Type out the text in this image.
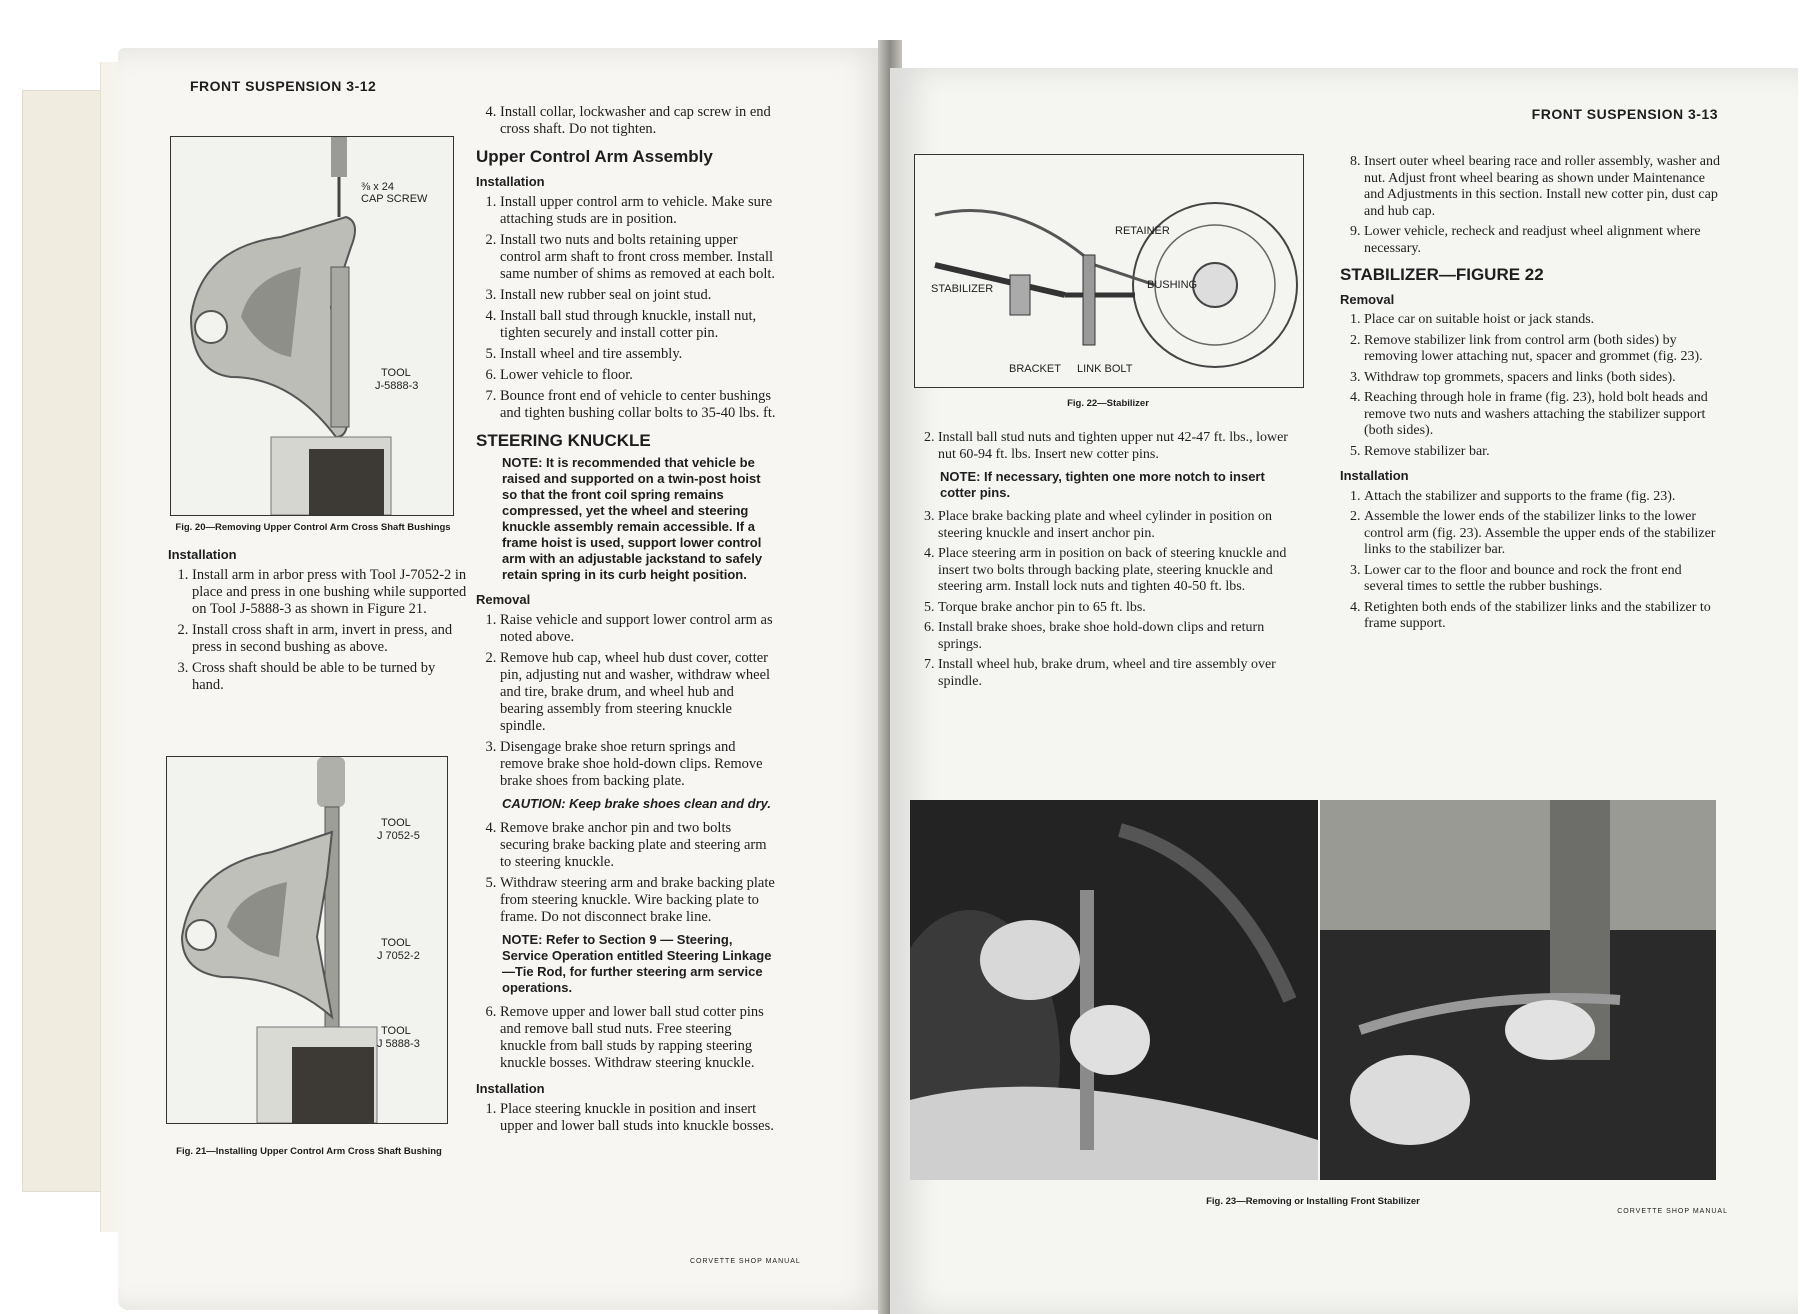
FRONT SUSPENSION 3-12
⅜ x 24
CAP SCREW
TOOL
J-5888-3
Fig. 20—Removing Upper Control Arm Cross Shaft Bushings
Installation
1. Install arm in arbor press with Tool J-7052-2 in place and press in one bushing while supported on Tool J-5888-3 as shown in Figure 21.
2. Install cross shaft in arm, invert in press, and press in second bushing as above.
3. Cross shaft should be able to be turned by hand.
TOOL
J 7052-5
TOOL
J 7052-2
TOOL
J 5888-3
Fig. 21—Installing Upper Control Arm Cross Shaft Bushing
4. Install collar, lockwasher and cap screw in end cross shaft. Do not tighten.
Upper Control Arm Assembly
Installation
1. Install upper control arm to vehicle. Make sure attaching studs are in position.
2. Install two nuts and bolts retaining upper control arm shaft to front cross member. Install same number of shims as removed at each bolt.
3. Install new rubber seal on joint stud.
4. Install ball stud through knuckle, install nut, tighten securely and install cotter pin.
5. Install wheel and tire assembly.
6. Lower vehicle to floor.
7. Bounce front end of vehicle to center bushings and tighten bushing collar bolts to 35-40 lbs. ft.
STEERING KNUCKLE
NOTE: It is recommended that vehicle be raised and supported on a twin-post hoist so that the front coil spring remains compressed, yet the wheel and steering knuckle assembly remain accessible. If a frame hoist is used, support lower control arm with an adjustable jackstand to safely retain spring in its curb height position.
Removal
1. Raise vehicle and support lower control arm as noted above.
2. Remove hub cap, wheel hub dust cover, cotter pin, adjusting nut and washer, withdraw wheel and tire, brake drum, and wheel hub and bearing assembly from steering knuckle spindle.
3. Disengage brake shoe return springs and remove brake shoe hold-down clips. Remove brake shoes from backing plate.
CAUTION: Keep brake shoes clean and dry.
4. Remove brake anchor pin and two bolts securing brake backing plate and steering arm to steering knuckle.
5. Withdraw steering arm and brake backing plate from steering knuckle. Wire backing plate to frame. Do not disconnect brake line.
NOTE: Refer to Section 9 — Steering, Service Operation entitled Steering Linkage—Tie Rod, for further steering arm service operations.
6. Remove upper and lower ball stud cotter pins and remove ball stud nuts. Free steering knuckle from ball studs by rapping steering knuckle bosses. Withdraw steering knuckle.
Installation
1. Place steering knuckle in position and insert upper and lower ball studs into knuckle bosses.
CORVETTE SHOP MANUAL
FRONT SUSPENSION 3-13
RETAINER
STABILIZER	BUSHING
BRACKET LINK BOLT
Fig. 22—Stabilizer
2. Install ball stud nuts and tighten upper nut 42-47 ft. lbs., lower nut 60-94 ft. lbs. Insert new cotter pins.
NOTE: If necessary, tighten one more notch to insert cotter pins.
3. Place brake backing plate and wheel cylinder in position on steering knuckle and insert anchor pin.
4. Place steering arm in position on back of steering knuckle and insert two bolts through backing plate, steering knuckle and steering arm. Install lock nuts and tighten 40-50 ft. lbs.
5. Torque brake anchor pin to 65 ft. lbs.
6. Install brake shoes, brake shoe hold-down clips and return springs.
7. Install wheel hub, brake drum, wheel and tire assembly over spindle.
8. Insert outer wheel bearing race and roller assembly, washer and nut. Adjust front wheel bearing as shown under Maintenance and Adjustments in this section. Install new cotter pin, dust cap and hub cap.
9. Lower vehicle, recheck and readjust wheel alignment where necessary.
STABILIZER—FIGURE 22
Removal
1. Place car on suitable hoist or jack stands.
2. Remove stabilizer link from control arm (both sides) by removing lower attaching nut, spacer and grommet (fig. 23).
3. Withdraw top grommets, spacers and links (both sides).
4. Reaching through hole in frame (fig. 23), hold bolt heads and remove two nuts and washers attaching the stabilizer support (both sides).
5. Remove stabilizer bar.
Installation
1. Attach the stabilizer and supports to the frame (fig. 23).
2. Assemble the lower ends of the stabilizer links to the lower control arm (fig. 23). Assemble the upper ends of the stabilizer links to the stabilizer bar.
3. Lower car to the floor and bounce and rock the front end several times to settle the rubber bushings.
4. Retighten both ends of the stabilizer links and the stabilizer to frame support.
Fig. 23—Removing or Installing Front Stabilizer
CORVETTE SHOP MANUAL
